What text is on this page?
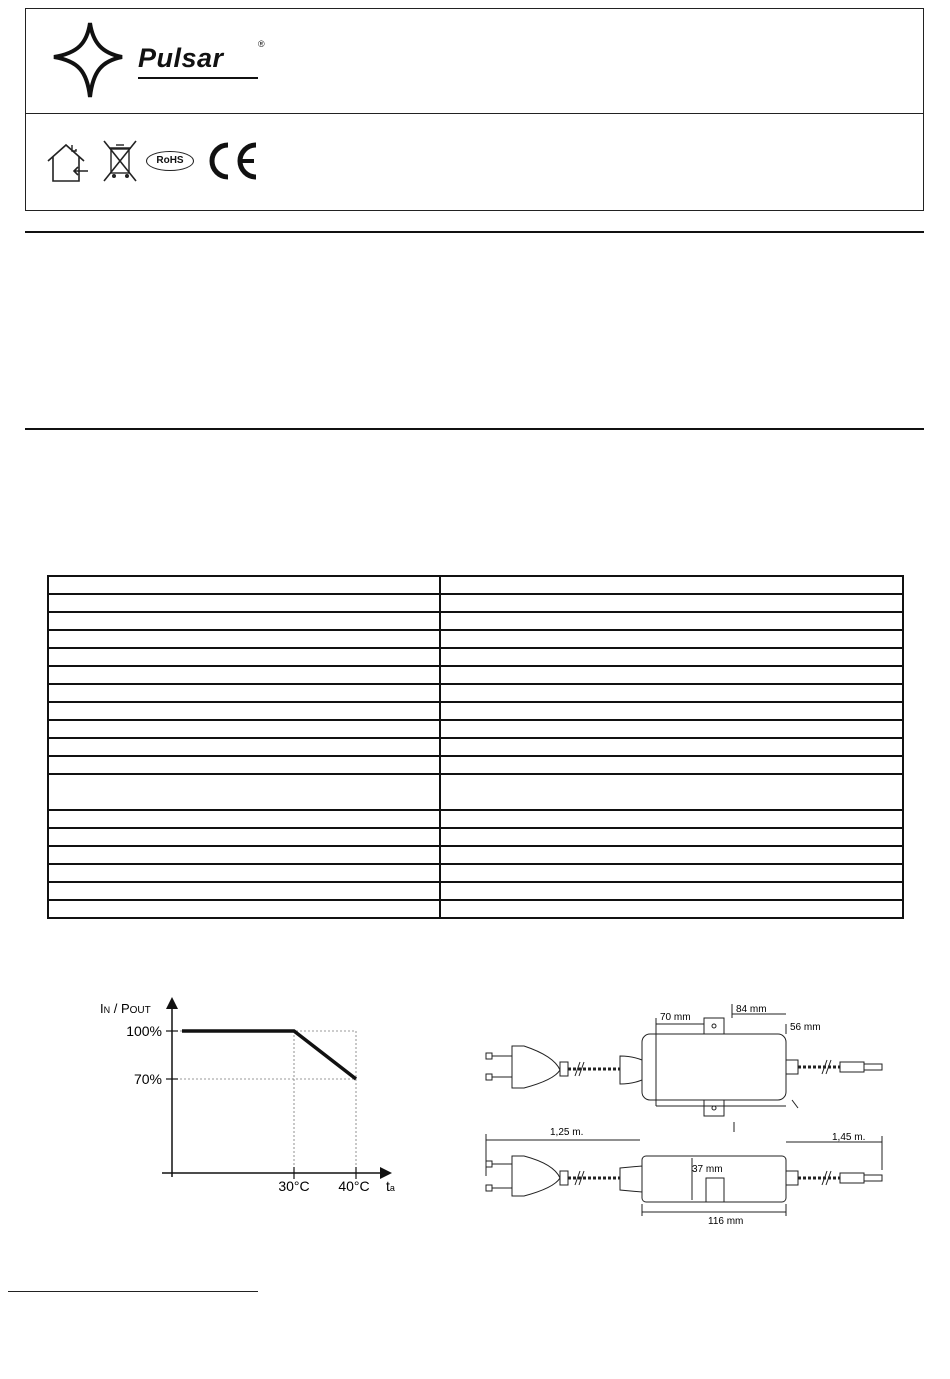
Pulsar	®
RoHS

IN / POUT
100%
70%
30°C 40°C ta
70 mm
84 mm
56 mm
1,25 m.	1,45 m.
37 mm
116 mm
